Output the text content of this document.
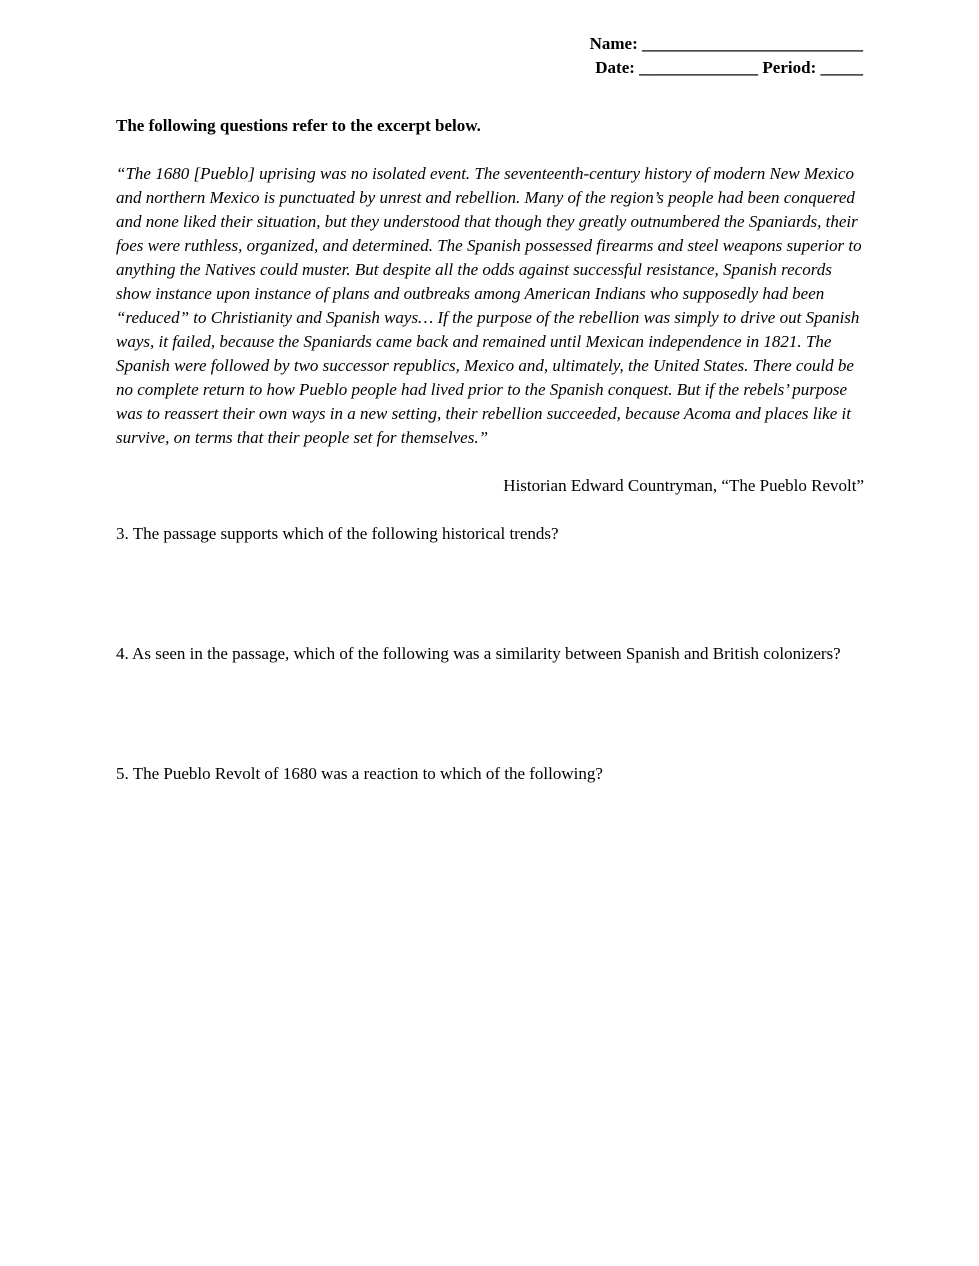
Name: __________________________
Date: ______________ Period: _____

The following questions refer to the excerpt below.

“The 1680 [Pueblo] uprising was no isolated event. The seventeenth-century history of modern New Mexico and northern Mexico is punctuated by unrest and rebellion. Many of the region’s people had been conquered and none liked their situation, but they understood that though they greatly outnumbered the Spaniards, their foes were ruthless, organized, and determined. The Spanish possessed firearms and steel weapons superior to anything the Natives could muster. But despite all the odds against successful resistance, Spanish records show instance upon instance of plans and outbreaks among American Indians who supposedly had been “reduced” to Christianity and Spanish ways… If the purpose of the rebellion was simply to drive out Spanish ways, it failed, because the Spaniards came back and remained until Mexican independence in 1821. The Spanish were followed by two successor republics, Mexico and, ultimately, the United States. There could be no complete return to how Pueblo people had lived prior to the Spanish conquest. But if the rebels’ purpose was to reassert their own ways in a new setting, their rebellion succeeded, because Acoma and places like it survive, on terms that their people set for themselves.”

Historian Edward Countryman, “The Pueblo Revolt”

3. The passage supports which of the following historical trends?

4. As seen in the passage, which of the following was a similarity between Spanish and British colonizers?

5. The Pueblo Revolt of 1680 was a reaction to which of the following?
